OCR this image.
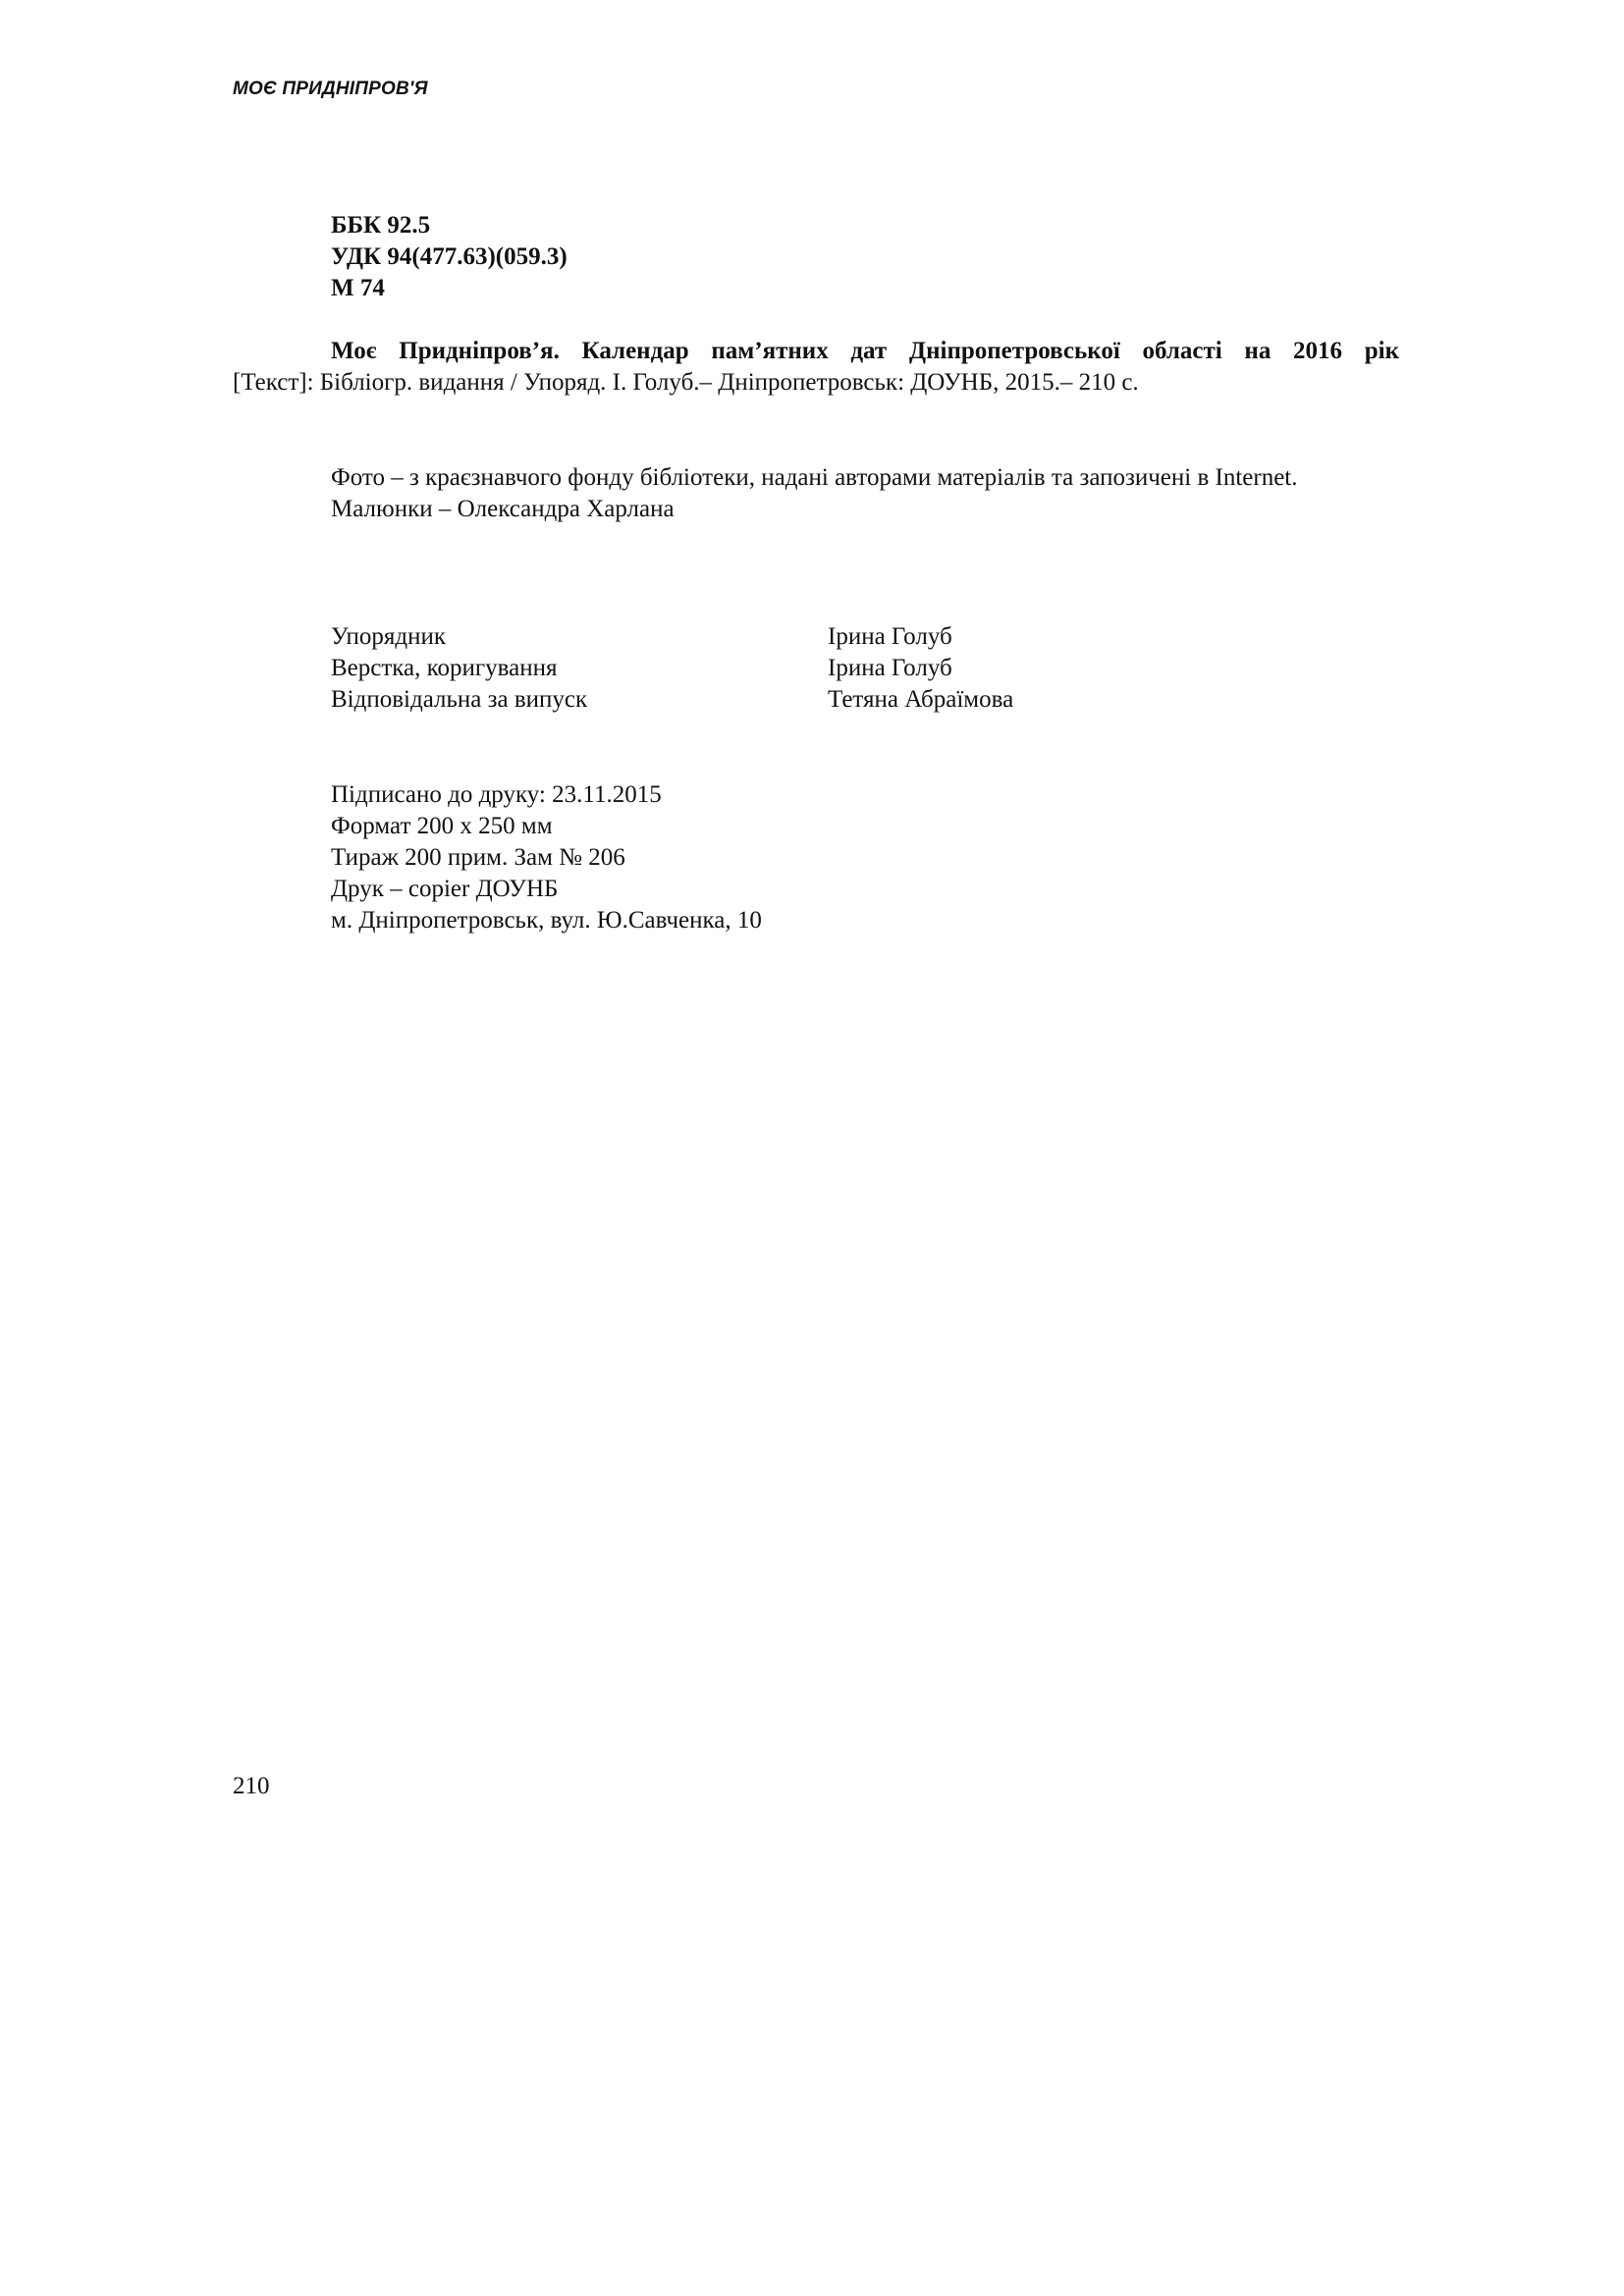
МОЄ ПРИДНІПРОВ'Я
ББК 92.5
УДК 94(477.63)(059.3)
М 74
Моє Придніпров’я. Календар пам’ятних дат Дніпропетровської області на 2016 рік
[Текст]: Бібліогр. видання / Упоряд. І. Голуб.– Дніпропетровськ: ДОУНБ, 2015.– 210 с.
Фото – з краєзнавчого фонду бібліотеки, надані авторами матеріалів та запозичені в Internet.
Малюнки – Олександра Харлана
Упорядник	Ірина Голуб
Верстка, коригування	Ірина Голуб
Відповідальна за випуск	Тетяна Абраїмова
Підписано до друку: 23.11.2015
Формат 200 х 250 мм
Тираж 200 прим. Зам № 206
Друк – copier ДОУНБ
м. Дніпропетровськ, вул. Ю.Савченка, 10
210
